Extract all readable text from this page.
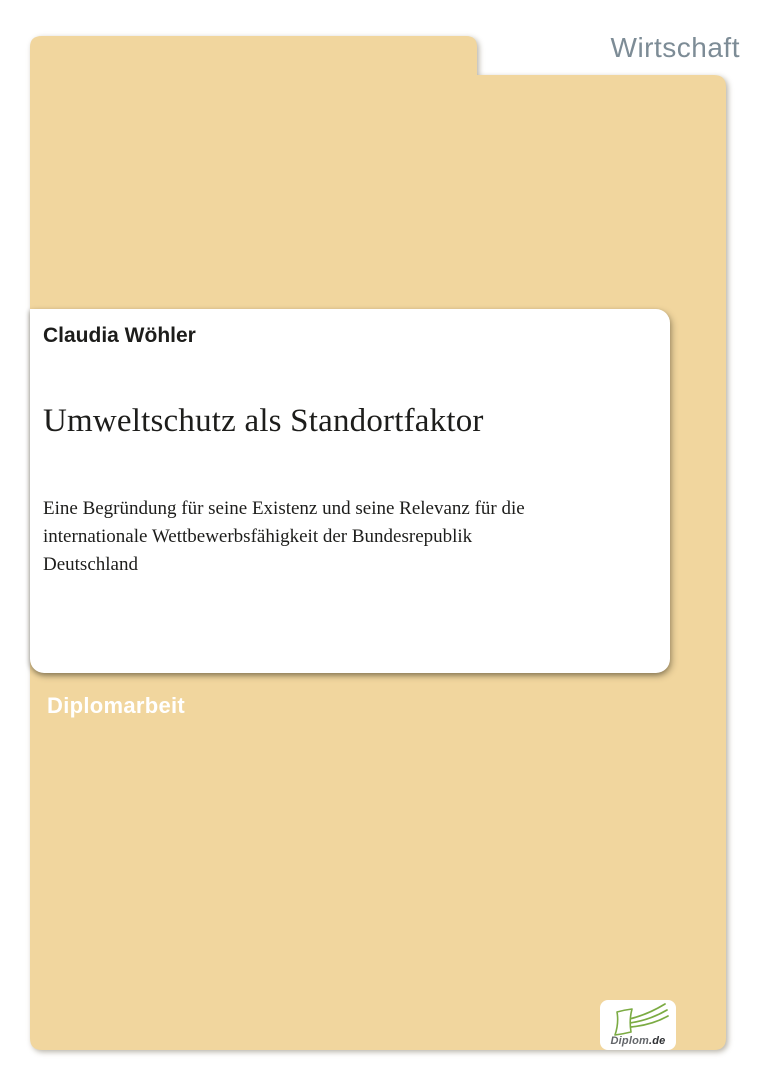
Wirtschaft
Claudia Wöhler
Umweltschutz als Standortfaktor
Eine Begründung für seine Existenz und seine Relevanz für die
internationale Wettbewerbsfähigkeit der Bundesrepublik
Deutschland
Diplomarbeit
Diplom.de
